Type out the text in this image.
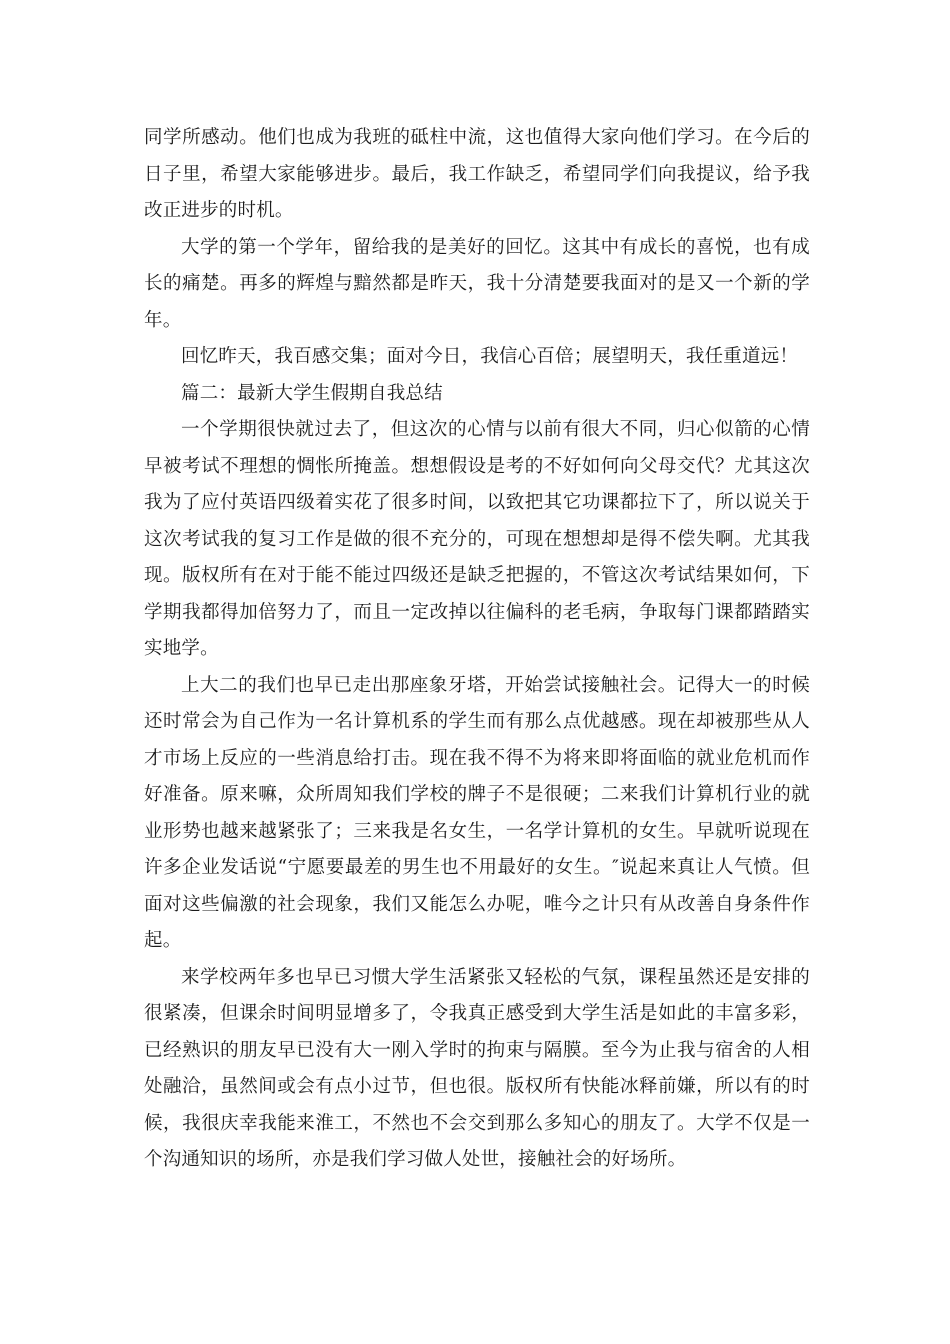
同学所感动。他们也成为我班的砥柱中流，这也值得大家向他们学习。在今后的日子里，希望大家能够进步。最后，我工作缺乏，希望同学们向我提议，给予我改正进步的时机。

大学的第一个学年，留给我的是美好的回忆。这其中有成长的喜悦，也有成长的痛楚。再多的辉煌与黯然都是昨天，我十分清楚要我面对的是又一个新的学年。

回忆昨天，我百感交集；面对今日，我信心百倍；展望明天，我任重道远！

篇二：最新大学生假期自我总结

一个学期很快就过去了，但这次的心情与以前有很大不同，归心似箭的心情早被考试不理想的惆怅所掩盖。想想假设是考的不好如何向父母交代？尤其这次我为了应付英语四级着实花了很多时间，以致把其它功课都拉下了，所以说关于这次考试我的复习工作是做的很不充分的，可现在想想却是得不偿失啊。尤其我现。版权所有在对于能不能过四级还是缺乏把握的，不管这次考试结果如何，下学期我都得加倍努力了，而且一定改掉以往偏科的老毛病，争取每门课都踏踏实实地学。

上大二的我们也早已走出那座象牙塔，开始尝试接触社会。记得大一的时候还时常会为自己作为一名计算机系的学生而有那么点优越感。现在却被那些从人才市场上反应的一些消息给打击。现在我不得不为将来即将面临的就业危机而作好准备。原来嘛，众所周知我们学校的牌子不是很硬；二来我们计算机行业的就业形势也越来越紧张了；三来我是名女生，一名学计算机的女生。早就听说现在许多企业发话说“宁愿要最差的男生也不用最好的女生。″说起来真让人气愤。但面对这些偏激的社会现象，我们又能怎么办呢，唯今之计只有从改善自身条件作起。

来学校两年多也早已习惯大学生活紧张又轻松的气氛，课程虽然还是安排的很紧凑，但课余时间明显增多了，令我真正感受到大学生活是如此的丰富多彩，已经熟识的朋友早已没有大一刚入学时的拘束与隔膜。至今为止我与宿舍的人相处融洽，虽然间或会有点小过节，但也很。版权所有快能冰释前嫌，所以有的时候，我很庆幸我能来淮工，不然也不会交到那么多知心的朋友了。大学不仅是一个沟通知识的场所，亦是我们学习做人处世，接触社会的好场所。
